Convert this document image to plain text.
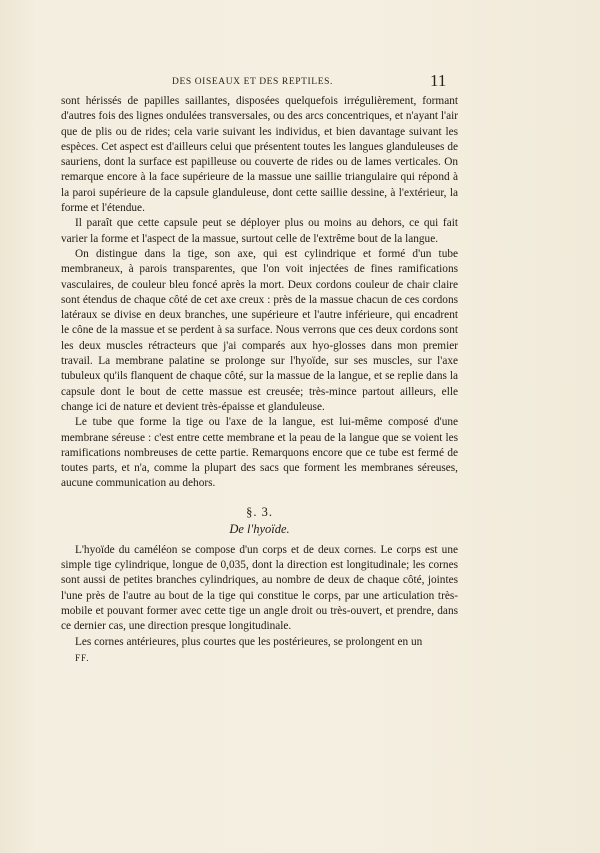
DES OISEAUX ET DES REPTILES.	11

sont hérissés de papilles saillantes, disposées quelquefois irrégulièrement, formant d'autres fois des lignes ondulées transversales, ou des arcs concentriques, et n'ayant l'air que de plis ou de rides; cela varie suivant les individus, et bien davantage suivant les espèces. Cet aspect est d'ailleurs celui que présentent toutes les langues glanduleuses de sauriens, dont la surface est papilleuse ou couverte de rides ou de lames verticales. On remarque encore à la face supérieure de la massue une saillie triangulaire qui répond à la paroi supérieure de la capsule glanduleuse, dont cette saillie dessine, à l'extérieur, la forme et l'étendue.

Il paraît que cette capsule peut se déployer plus ou moins au dehors, ce qui fait varier la forme et l'aspect de la massue, surtout celle de l'extrême bout de la langue.

On distingue dans la tige, son axe, qui est cylindrique et formé d'un tube membraneux, à parois transparentes, que l'on voit injectées de fines ramifications vasculaires, de couleur bleu foncé après la mort. Deux cordons couleur de chair claire sont étendus de chaque côté de cet axe creux : près de la massue chacun de ces cordons latéraux se divise en deux branches, une supérieure et l'autre inférieure, qui encadrent le cône de la massue et se perdent à sa surface. Nous verrons que ces deux cordons sont les deux muscles rétracteurs que j'ai comparés aux hyo-glosses dans mon premier travail. La membrane palatine se prolonge sur l'hyoïde, sur ses muscles, sur l'axe tubuleux qu'ils flanquent de chaque côté, sur la massue de la langue, et se replie dans la capsule dont le bout de cette massue est creusée; très-mince partout ailleurs, elle change ici de nature et devient très-épaisse et glanduleuse.

Le tube que forme la tige ou l'axe de la langue, est lui-même composé d'une membrane séreuse : c'est entre cette membrane et la peau de la langue que se voient les ramifications nombreuses de cette partie. Remarquons encore que ce tube est fermé de toutes parts, et n'a, comme la plupart des sacs que forment les membranes séreuses, aucune communication au dehors.

§. 3.
De l'hyoïde.

L'hyoïde du caméléon se compose d'un corps et de deux cornes. Le corps est une simple tige cylindrique, longue de 0,035, dont la direction est longitudinale; les cornes sont aussi de petites branches cylindriques, au nombre de deux de chaque côté, jointes l'une près de l'autre au bout de la tige qui constitue le corps, par une articulation très-mobile et pouvant former avec cette tige un angle droit ou très-ouvert, et prendre, dans ce dernier cas, une direction presque longitudinale.

Les cornes antérieures, plus courtes que les postérieures, se prolongent en un

FF.
